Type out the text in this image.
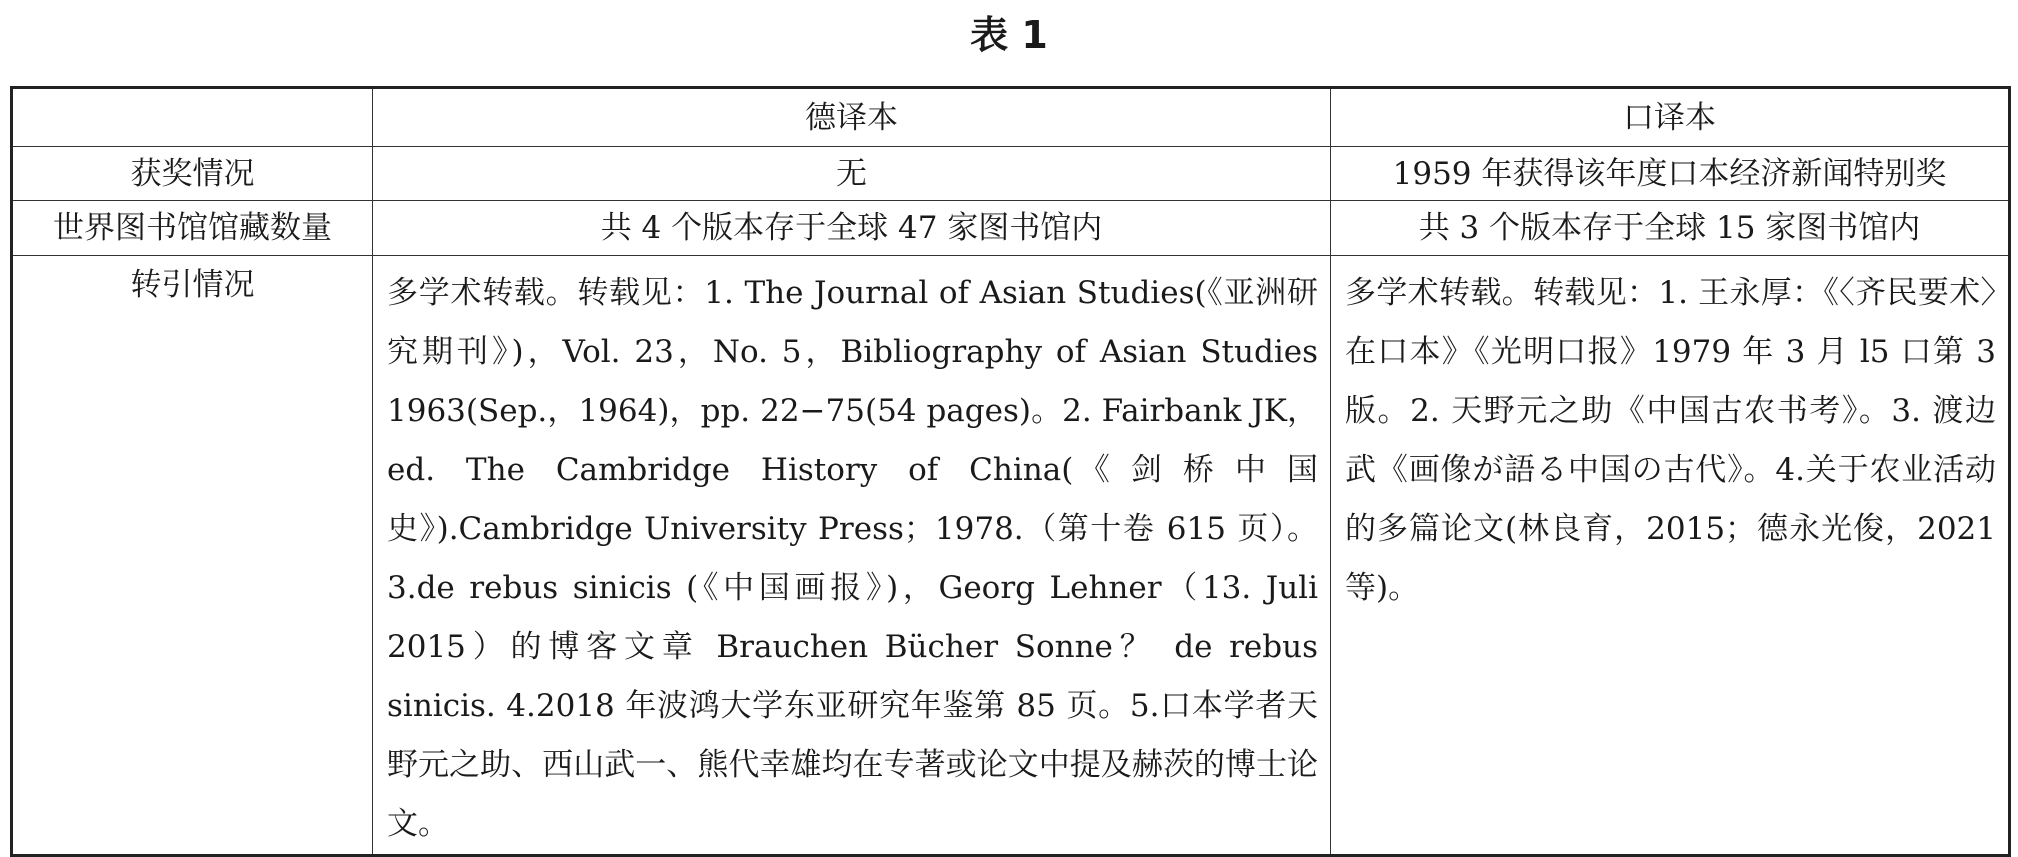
表 1
	德译本	口译本
获奖情况	无	1959 年获得该年度口本经济新闻特别奖
世界图书馆馆藏数量	共 4 个版本存于全球 47 家图书馆内	共 3 个版本存于全球 15 家图书馆内
转引情况	多学术转载。转载见：1. The Journal of Asian Studies(《亚洲研究期刊》)，Vol. 23，No. 5，Bibliography of Asian Studies 1963(Sep.，1964)，pp. 22−75(54 pages)。2. Fairbank JK，ed. The Cambridge History of China(《剑桥中国史》).Cambridge University Press；1978.（第十卷 615 页）。3.de rebus sinicis (《中国画报》)，Georg Lehner（13. Juli 2015）的博客文章 Brauchen Bücher Sonne？ de rebus sinicis. 4.2018 年波鸿大学东亚研究年鉴第 85 页。5.口本学者天野元之助、西山武一、熊代幸雄均在专著或论文中提及赫茨的博士论文。	多学术转载。转载见：1. 王永厚：《〈齐民要术〉在口本》《光明口报》1979 年 3 月 l5 口第 3 版。2. 天野元之助《中国古农书考》。3. 渡边武《画像が語る中国の古代》。4.关于农业活动的多篇论文(林良育，2015；德永光俊，2021 等)。
